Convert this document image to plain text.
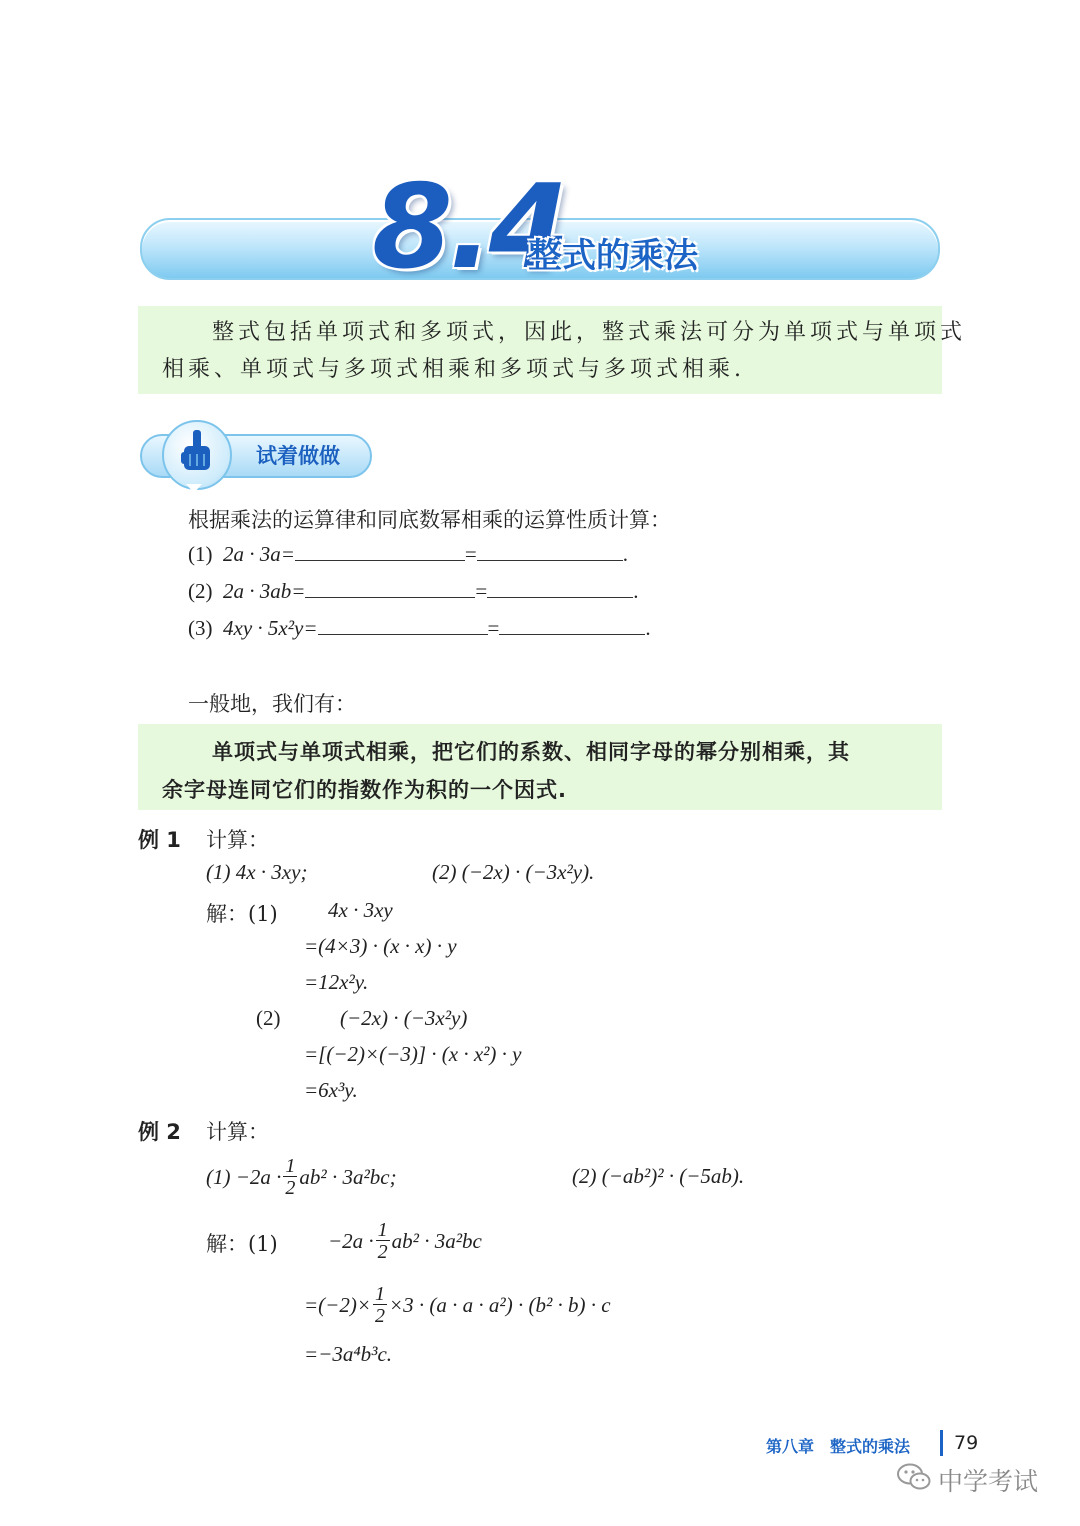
8.4
整式的乘法
整式包括单项式和多项式，因此，整式乘法可分为单项式与单项式
相乘、单项式与多项式相乘和多项式与多项式相乘.
试着做做
根据乘法的运算律和同底数幂相乘的运算性质计算：
(1) 2a · 3a=	=	.
(2) 2a · 3ab=	=	.
(3) 4xy · 5x²y=	=	.
一般地，我们有：
单项式与单项式相乘，把它们的系数、相同字母的幂分别相乘，其
余字母连同它们的指数作为积的一个因式.
例 1 计算：
(1) 4x · 3xy;	(2) (−2x) · (−3x²y).
解：(1) 4x · 3xy
=(4×3) · (x · x) · y
=12x²y.
(2)	(−2x) · (−3x²y)
=[(−2)×(−3)] · (x · x²) · y
=6x³y.
例 2 计算：
$(1) -2a \cdot \frac{1}{2} ab^2 \cdot 3a^2bc$;	(2) (−ab²)² · (−5ab).
解：$(1) -2a \cdot \frac{1}{2} ab^2 \cdot 3a^2bc$
$=(-2)\times \frac{1}{2} \times 3 \cdot (a \cdot a \cdot a^2) \cdot (b^2 \cdot b) \cdot c$
=−3a⁴b³c.
第八章　整式的乘法 79
中学考试
